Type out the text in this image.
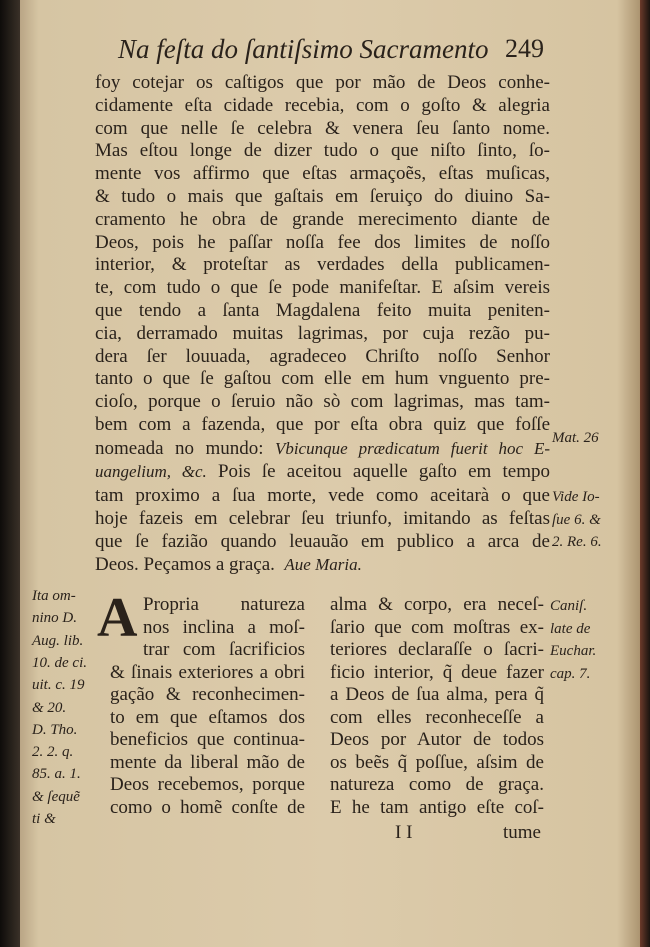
Na feſta do ſantiſsimo Sacramento 249
foy cotejar os caſtigos que por mão de Deos conhe-
cidamente eſta cidade recebia, com o goſto & alegria
com que nelle ſe celebra & venera ſeu ſanto nome.
Mas eſtou longe de dizer tudo o que niſto ſinto, ſo-
mente vos affirmo que eſtas armaçoẽs, eſtas muſicas,
& tudo o mais que gaſtais em ſeruiço do diuino Sa-
cramento he obra de grande merecimento diante de
Deos, pois he paſſar noſſa fee dos limites de noſſo
interior, & proteſtar as verdades della publicamen-
te, com tudo o que ſe pode manifeſtar. E aſsim vereis
que tendo a ſanta Magdalena feito muita peniten-
cia, derramado muitas lagrimas, por cuja rezão pu-
dera ſer louuada, agradeceo Chriſto noſſo Senhor
tanto o que ſe gaſtou com elle em hum vnguento pre-
cioſo, porque o ſeruio não sò com lagrimas, mas tam-
bem com a fazenda, que por eſta obra quiz que foſſe
nomeada no mundo: Vbicunque prædicatum fuerit hoc E-
uangelium, &c. Pois ſe aceitou aquelle gaſto em tempo
tam proximo a ſua morte, vede como aceitarà o que
hoje fazeis em celebrar ſeu triunfo, imitando as feſtas
que ſe fazião quando leuauão em publico a arca de
Deos. Peçamos a graça. Aue Maria.
Mat. 26
Vide Io-
ſue 6. &
2. Re. 6.
A Propria natureza
nos inclina a moſ-
trar com ſacrificios
& ſinais exteriores a obri
gação & reconhecimen-
to em que eſtamos dos
beneficios que continua-
mente da liberal mão de
Deos recebemos, porque
como o homẽ conſte de
alma & corpo, era neceſ-
ſario que com moſtras ex-
teriores declaraſſe o ſacri-
ficio interior, q̃ deue fazer
a Deos de ſua alma, pera q̃
com elles reconheceſſe a
Deos por Autor de todos
os beẽs q̃ poſſue, aſsim de
natureza como de graça.
E he tam antigo eſte coſ-
Ita om-
nino D.
Aug. lib.
10. de ci.
uit. c. 19
& 20.
D. Tho.
2. 2. q.
85. a. 1.
& ſequẽ
ti &
Caniſ.
late de
Euchar.
cap. 7.
I I	tume
